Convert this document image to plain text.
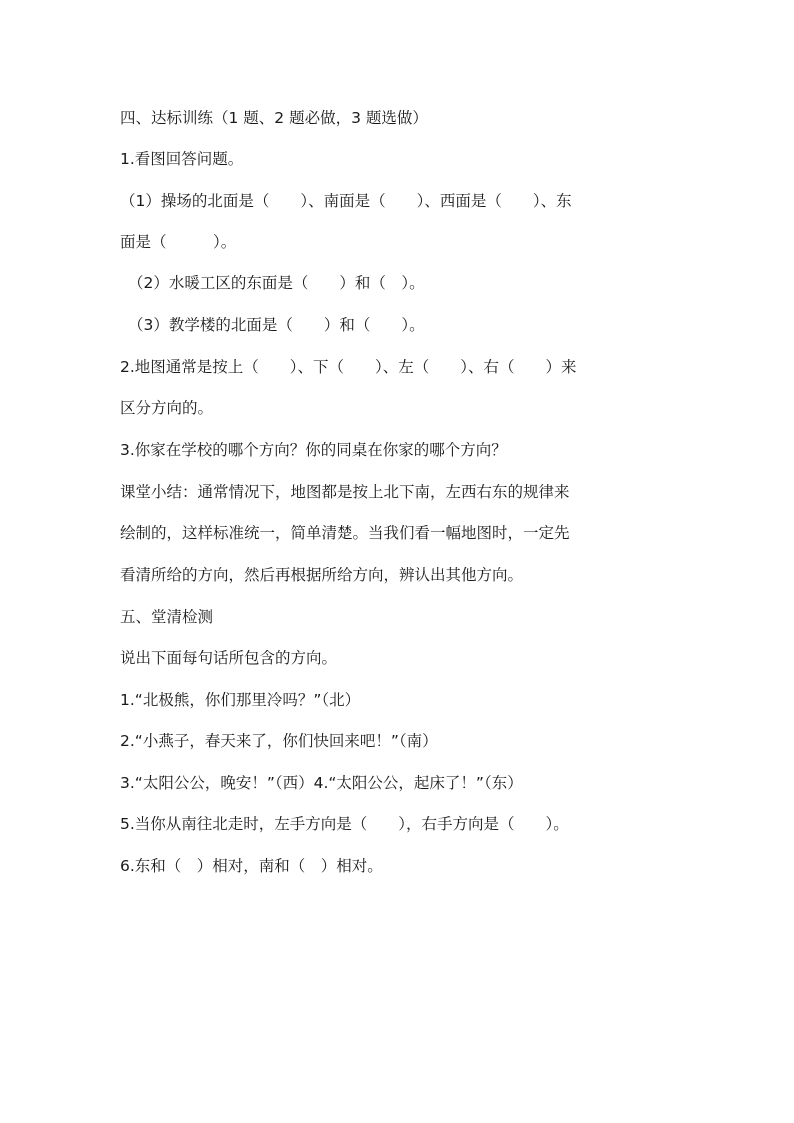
四、达标训练（1 题、2 题必做，3 题选做）
1.看图回答问题。
（1）操场的北面是（　　）、南面是（　　）、西面是（　　）、东
面是（　　　）。
（2）水暖工区的东面是（　　）和（　）。
（3）教学楼的北面是（　　）和（　　）。
2.地图通常是按上（　　）、下（　　）、左（　　）、右（　　）来
区分方向的。
3.你家在学校的哪个方向？你的同桌在你家的哪个方向？
课堂小结：通常情况下，地图都是按上北下南，左西右东的规律来
绘制的，这样标准统一，简单清楚。当我们看一幅地图时，一定先
看清所给的方向，然后再根据所给方向，辨认出其他方向。
五、堂清检测
说出下面每句话所包含的方向。
1.“北极熊，你们那里冷吗？”（北）
2.“小燕子，春天来了，你们快回来吧！”（南）
3.“太阳公公，晚安！”（西）4.“太阳公公，起床了！”（东）
5.当你从南往北走时，左手方向是（　　），右手方向是（　　）。
6.东和（　）相对，南和（　）相对。
